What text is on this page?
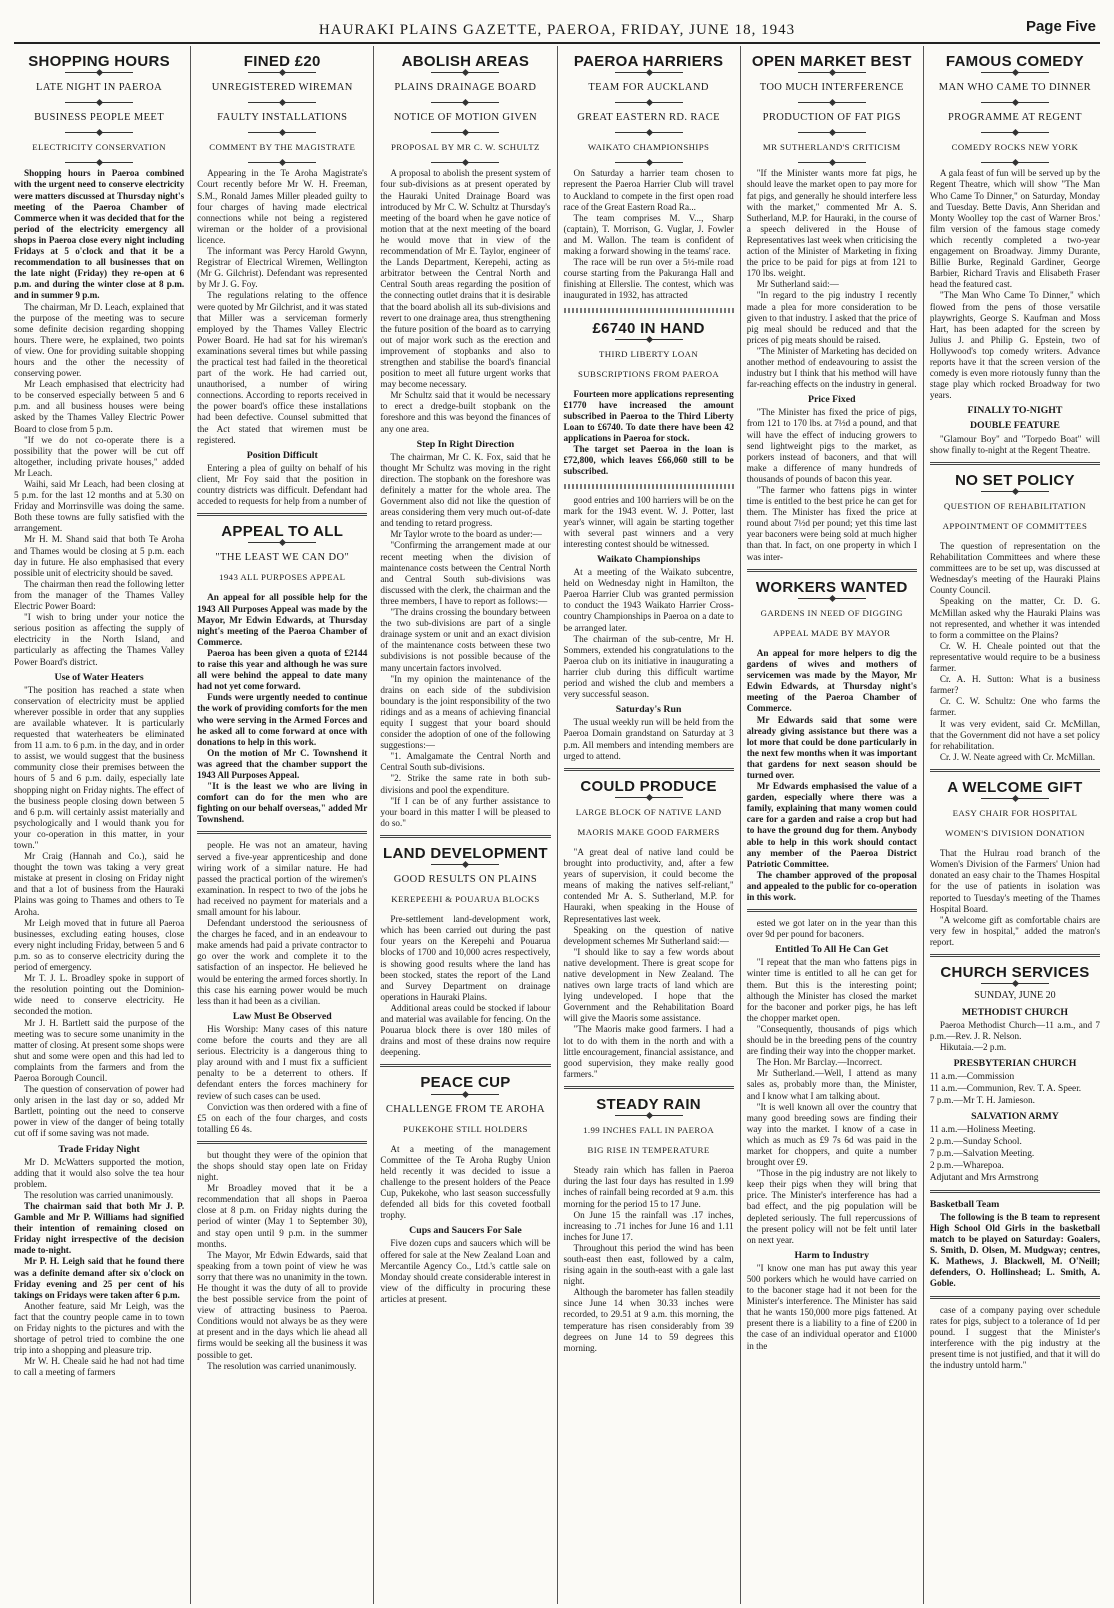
HAURAKI PLAINS GAZETTE, PAEROA, FRIDAY, JUNE 18, 1943	Page Five
SHOPPING HOURS
LATE NIGHT IN PAEROA
BUSINESS PEOPLE MEET
ELECTRICITY CONSERVATION

Shopping hours in Paeroa combined with the urgent need to conserve electricity were matters discussed at Thursday night's meeting of the Paeroa Chamber of Commerce when it was decided that for the period of the electricity emergency all shops in Paeroa close every night including Fridays at 5 o'clock and that it be a recommendation to all businesses that on the late night (Friday) they re-open at 6 p.m. and during the winter close at 8 p.m. and in summer 9 p.m.

The chairman, Mr D. Leach, explained that the purpose of the meeting was to secure some definite decision regarding shopping hours. There were, he explained, two points of view. One for providing suitable shopping hours and the other the necessity of conserving power.

Mr Leach emphasised that electricity had to be conserved especially between 5 and 6 p.m. and all business houses were being asked by the Thames Valley Electric Power Board to close from 5 p.m.

"If we do not co-operate there is a possibility that the power will be cut off altogether, including private houses," added Mr Leach.

Waihi, said Mr Leach, had been closing at 5 p.m. for the last 12 months and at 5.30 on Friday and Morrinsville was doing the same. Both these towns are fully satisfied with the arrangement.

Mr H. M. Shand said that both Te Aroha and Thames would be closing at 5 p.m. each day in future. He also emphasised that every possible unit of electricity should be saved.

The chairman then read the following letter from the manager of the Thames Valley Electric Power Board:

"I wish to bring under your notice the serious position as affecting the supply of electricity in the North Island, and particularly as affecting the Thames Valley Power Board's district.

Use of Water Heaters

"The position has reached a state when conservation of electricity must be applied wherever possible in order that any supplies are available whatever. It is particularly requested that waterheaters be eliminated from 11 a.m. to 6 p.m. in the day, and in order to assist, we would suggest that the business community close their premises between the hours of 5 and 6 p.m. daily, especially late shopping night on Friday nights. The effect of the business people closing down between 5 and 6 p.m. will certainly assist materially and psychologically and I would thank you for your co-operation in this matter, in your town."

Mr Craig (Hannah and Co.), said he thought the town was taking a very great mistake at present in closing on Friday night and that a lot of business from the Hauraki Plains was going to Thames and others to Te Aroha.

Mr Leigh moved that in future all Paeroa businesses, excluding eating houses, close every night including Friday, between 5 and 6 p.m. so as to conserve electricity during the period of emergency.

Mr T. J. L. Broadley spoke in support of the resolution pointing out the Dominion-wide need to conserve electricity. He seconded the motion.

Mr J. H. Bartlett said the purpose of the meeting was to secure some unanimity in the matter of closing. At present some shops were shut and some were open and this had led to complaints from the farmers and from the Paeroa Borough Council.

The question of conservation of power had only arisen in the last day or so, added Mr Bartlett, pointing out the need to conserve power in view of the danger of being totally cut off if some saving was not made.

Trade Friday Night

Mr D. McWatters supported the motion, adding that it would also solve the tea hour problem.

The resolution was carried unanimously.

The chairman said that both Mr J. P. Gamble and Mr P. Williams had signified their intention of remaining closed on Friday night irrespective of the decision made to-night.

Mr P. H. Leigh said that he found there was a definite demand after six o'clock on Friday evening and 25 per cent of his takings on Fridays were taken after 6 p.m.

Another feature, said Mr Leigh, was the fact that the country people came in to town on Friday nights to the pictures and with the shortage of petrol tried to combine the one trip into a shopping and pleasure trip.

Mr W. H. Cheale said he had not had time to call a meeting of farmers

FINED £20
UNREGISTERED WIREMAN
FAULTY INSTALLATIONS
COMMENT BY THE MAGISTRATE

Appearing in the Te Aroha Magistrate's Court recently before Mr W. H. Freeman, S.M., Ronald James Miller pleaded guilty to four charges of having made electrical connections while not being a registered wireman or the holder of a provisional licence.

The informant was Percy Harold Gwynn, Registrar of Electrical Wiremen, Wellington (Mr G. Gilchrist). Defendant was represented by Mr J. G. Foy.

The regulations relating to the offence were quoted by Mr Gilchrist, and it was stated that Miller was a serviceman formerly employed by the Thames Valley Electric Power Board. He had sat for his wireman's examinations several times but while passing the practical test had failed in the theoretical part of the work. He had carried out, unauthorised, a number of wiring connections. According to reports received in the power board's office these installations had been defective. Counsel submitted that the Act stated that wiremen must be registered.

Position Difficult

Entering a plea of guilty on behalf of his client, Mr Foy said that the position in country districts was difficult. Defendant had acceded to requests for help from a number of

APPEAL TO ALL
"THE LEAST WE CAN DO"
1943 ALL PURPOSES APPEAL

An appeal for all possible help for the 1943 All Purposes Appeal was made by the Mayor, Mr Edwin Edwards, at Thursday night's meeting of the Paeroa Chamber of Commerce.

Paeroa has been given a quota of £2144 to raise this year and although he was sure all were behind the appeal to date many had not yet come forward.

Funds were urgently needed to continue the work of providing comforts for the men who were serving in the Armed Forces and he asked all to come forward at once with donations to help in this work.

On the motion of Mr C. Townshend it was agreed that the chamber support the 1943 All Purposes Appeal.

"It is the least we who are living in comfort can do for the men who are fighting on our behalf overseas," added Mr Townshend.

people. He was not an amateur, having served a five-year apprenticeship and done wiring work of a similar nature. He had passed the practical portion of the wiremen's examination. In respect to two of the jobs he had received no payment for materials and a small amount for his labour.

Defendant understood the seriousness of the charges he faced, and in an endeavour to make amends had paid a private contractor to go over the work and complete it to the satisfaction of an inspector. He believed he would be entering the armed forces shortly. In this case his earning power would be much less than it had been as a civilian.

Law Must Be Observed

His Worship: Many cases of this nature come before the courts and they are all serious. Electricity is a dangerous thing to play around with and I must fix a sufficient penalty to be a deterrent to others. If defendant enters the forces machinery for review of such cases can be used.

Conviction was then ordered with a fine of £5 on each of the four charges, and costs totalling £6 4s.

but thought they were of the opinion that the shops should stay open late on Friday night.

Mr Broadley moved that it be a recommendation that all shops in Paeroa close at 8 p.m. on Friday nights during the period of winter (May 1 to September 30), and stay open until 9 p.m. in the summer months.

The Mayor, Mr Edwin Edwards, said that speaking from a town point of view he was sorry that there was no unanimity in the town. He thought it was the duty of all to provide the best possible service from the point of view of attracting business to Paeroa. Conditions would not always be as they were at present and in the days which lie ahead all firms would be seeking all the business it was possible to get.

The resolution was carried unanimously.

ABOLISH AREAS
PLAINS DRAINAGE BOARD
NOTICE OF MOTION GIVEN
PROPOSAL BY MR C. W. SCHULTZ

A proposal to abolish the present system of four sub-divisions as at present operated by the Hauraki United Drainage Board was introduced by Mr C. W. Schultz at Thursday's meeting of the board when he gave notice of motion that at the next meeting of the board he would move that in view of the recommendation of Mr E. Taylor, engineer of the Lands Department, Kerepehi, acting as arbitrator between the Central North and Central South areas regarding the position of the connecting outlet drains that it is desirable that the board abolish all its sub-divisions and revert to one drainage area, thus strengthening the future position of the board as to carrying out of major work such as the erection and improvement of stopbanks and also to strengthen and stabilise the board's financial position to meet all future urgent works that may become necessary.

Mr Schultz said that it would be necessary to erect a dredge-built stopbank on the foreshore and this was beyond the finances of any one area.

Step In Right Direction

The chairman, Mr C. K. Fox, said that he thought Mr Schultz was moving in the right direction. The stopbank on the foreshore was definitely a matter for the whole area. The Government also did not like the question of areas considering them very much out-of-date and tending to retard progress.

Mr Taylor wrote to the board as under:—

"Confirming the arrangement made at our recent meeting when the division of maintenance costs between the Central North and Central South sub-divisions was discussed with the clerk, the chairman and the three members, I have to report as follows:—

"The drains crossing the boundary between the two sub-divisions are part of a single drainage system or unit and an exact division of the maintenance costs between these two subdivisions is not possible because of the many uncertain factors involved.

"In my opinion the maintenance of the drains on each side of the subdivision boundary is the joint responsibility of the two ridings and as a means of achieving financial equity I suggest that your board should consider the adoption of one of the following suggestions:—

"1. Amalgamate the Central North and Central South sub-divisions.

"2. Strike the same rate in both sub-divisions and pool the expenditure.

"If I can be of any further assistance to your board in this matter I will be pleased to do so."

LAND DEVELOPMENT
GOOD RESULTS ON PLAINS
KEREPEEHI & POUARUA BLOCKS

Pre-settlement land-development work, which has been carried out during the past four years on the Kerepehi and Pouarua blocks of 1700 and 10,000 acres respectively, is showing good results where the land has been stocked, states the report of the Land and Survey Department on drainage operations in Hauraki Plains.

Additional areas could be stocked if labour and material was available for fencing. On the Pouarua block there is over 180 miles of drains and most of these drains now require deepening.

PEACE CUP
CHALLENGE FROM TE AROHA
PUKEKOHE STILL HOLDERS

At a meeting of the management Committee of the Te Aroha Rugby Union held recently it was decided to issue a challenge to the present holders of the Peace Cup, Pukekohe, who last season successfully defended all bids for this coveted football trophy.

Cups and Saucers For Sale

Five dozen cups and saucers which will be offered for sale at the New Zealand Loan and Mercantile Agency Co., Ltd.'s cattle sale on Monday should create considerable interest in view of the difficulty in procuring these articles at present.

PAEROA HARRIERS
TEAM FOR AUCKLAND
GREAT EASTERN RD. RACE
WAIKATO CHAMPIONSHIPS

On Saturday a harrier team chosen to represent the Paeroa Harrier Club will travel to Auckland to compete in the first open road race of the Great Eastern Road Ra...

The team comprises M. V..., Sharp (captain), T. Morrison, G. Vuglar, J. Fowler and M. Wallon. The team is confident of making a forward showing in the teams' race.

The race will be run over a 5½-mile road course starting from the Pakuranga Hall and finishing at Ellerslie. The contest, which was inaugurated in 1932, has attracted

£6740 IN HAND
THIRD LIBERTY LOAN
SUBSCRIPTIONS FROM PAEROA

Fourteen more applications representing £1770 have increased the amount subscribed in Paeroa to the Third Liberty Loan to £6740. To date there have been 42 applications in Paeroa for stock.

The target set Paeroa in the loan is £72,800, which leaves £66,060 still to be subscribed.

good entries and 100 harriers will be on the mark for the 1943 event. W. J. Potter, last year's winner, will again be starting together with several past winners and a very interesting contest should be witnessed.

Waikato Championships

At a meeting of the Waikato subcentre, held on Wednesday night in Hamilton, the Paeroa Harrier Club was granted permission to conduct the 1943 Waikato Harrier Cross-country Championships in Paeroa on a date to be arranged later.

The chairman of the sub-centre, Mr H. Sommers, extended his congratulations to the Paeroa club on its initiative in inaugurating a harrier club during this difficult wartime period and wished the club and members a very successful season.

Saturday's Run

The usual weekly run will be held from the Paeroa Domain grandstand on Saturday at 3 p.m. All members and intending members are urged to attend.

COULD PRODUCE
LARGE BLOCK OF NATIVE LAND
MAORIS MAKE GOOD FARMERS

"A great deal of native land could be brought into productivity, and, after a few years of supervision, it could become the means of making the natives self-reliant," contended Mr A. S. Sutherland, M.P. for Hauraki, when speaking in the House of Representatives last week.

Speaking on the question of native development schemes Mr Sutherland said:—

"I should like to say a few words about native development. There is great scope for native development in New Zealand. The natives own large tracts of land which are lying undeveloped. I hope that the Government and the Rehabilitation Board will give the Maoris some assistance.

"The Maoris make good farmers. I had a lot to do with them in the north and with a little encouragement, financial assistance, and good supervision, they make really good farmers."

STEADY RAIN
1.99 INCHES FALL IN PAEROA
BIG RISE IN TEMPERATURE

Steady rain which has fallen in Paeroa during the last four days has resulted in 1.99 inches of rainfall being recorded at 9 a.m. this morning for the period 15 to 17 June.

On June 15 the rainfall was .17 inches, increasing to .71 inches for June 16 and 1.11 inches for June 17.

Throughout this period the wind has been south-east then east, followed by a calm, rising again in the south-east with a gale last night.

Although the barometer has fallen steadily since June 14 when 30.33 inches were recorded, to 29.51 at 9 a.m. this morning, the temperature has risen considerably from 39 degrees on June 14 to 59 degrees this morning.

OPEN MARKET BEST
TOO MUCH INTERFERENCE
PRODUCTION OF FAT PIGS
MR SUTHERLAND'S CRITICISM

"If the Minister wants more fat pigs, he should leave the market open to pay more for fat pigs, and generally he should interfere less with the market," commented Mr A. S. Sutherland, M.P. for Hauraki, in the course of a speech delivered in the House of Representatives last week when criticising the action of the Minister of Marketing in fixing the price to be paid for pigs at from 121 to 170 lbs. weight.

Mr Sutherland said:—

"In regard to the pig industry I recently made a plea for more consideration to be given to that industry. I asked that the price of pig meal should be reduced and that the prices of pig meats should be raised.

"The Minister of Marketing has decided on another method of endeavouring to assist the industry but I think that his method will have far-reaching effects on the industry in general.

Price Fixed

"The Minister has fixed the price of pigs, from 121 to 170 lbs. at 7½d a pound, and that will have the effect of inducing growers to send lightweight pigs to the market, as porkers instead of baconers, and that will make a difference of many hundreds of thousands of pounds of bacon this year.

"The farmer who fattens pigs in winter time is entitled to the best price he can get for them. The Minister has fixed the price at round about 7½d per pound; yet this time last year baconers were being sold at much higher than that. In fact, on one property in which I was inter-

WORKERS WANTED
GARDENS IN NEED OF DIGGING
APPEAL MADE BY MAYOR

An appeal for more helpers to dig the gardens of wives and mothers of servicemen was made by the Mayor, Mr Edwin Edwards, at Thursday night's meeting of the Paeroa Chamber of Commerce.

Mr Edwards said that some were already giving assistance but there was a lot more that could be done particularly in the next few months when it was important that gardens for next season should be turned over.

Mr Edwards emphasised the value of a garden, especially where there was a family, explaining that many women could care for a garden and raise a crop but had to have the ground dug for them. Anybody able to help in this work should contact any member of the Paeroa District Patriotic Committee.

The chamber approved of the proposal and appealed to the public for co-operation in this work.

ested we got later on in the year than this over 9d per pound for baconers.

Entitled To All He Can Get

"I repeat that the man who fattens pigs in winter time is entitled to all he can get for them. But this is the interesting point; although the Minister has closed the market for the baconer and porker pigs, he has left the chopper market open.

"Consequently, thousands of pigs which should be in the breeding pens of the country are finding their way into the chopper market.

The Hon. Mr Barclay.—Incorrect.

Mr Sutherland.—Well, I attend as many sales as, probably more than, the Minister, and I know what I am talking about.

"It is well known all over the country that many good breeding sows are finding their way into the market. I know of a case in which as much as £9 7s 6d was paid in the market for choppers, and quite a number brought over £9.

"Those in the pig industry are not likely to keep their pigs when they will bring that price. The Minister's interference has had a bad effect, and the pig population will be depleted seriously. The full repercussions of the present policy will not be felt until later on next year.

Harm to Industry

"I know one man has put away this year 500 porkers which he would have carried on to the baconer stage had it not been for the Minister's interference. The Minister has said that he wants 150,000 more pigs fattened. At present there is a liability to a fine of £200 in the case of an individual operator and £1000 in the

FAMOUS COMEDY
MAN WHO CAME TO DINNER
PROGRAMME AT REGENT
COMEDY ROCKS NEW YORK

A gala feast of fun will be served up by the Regent Theatre, which will show "The Man Who Came To Dinner," on Saturday, Monday and Tuesday. Bette Davis, Ann Sheridan and Monty Woolley top the cast of Warner Bros.' film version of the famous stage comedy which recently completed a two-year engagement on Broadway. Jimmy Durante, Billie Burke, Reginald Gardiner, George Barbier, Richard Travis and Elisabeth Fraser head the featured cast.

"The Man Who Came To Dinner," which flowed from the pens of those versatile playwrights, George S. Kaufman and Moss Hart, has been adapted for the screen by Julius J. and Philip G. Epstein, two of Hollywood's top comedy writers. Advance reports have it that the screen version of the comedy is even more riotously funny than the stage play which rocked Broadway for two years.

FINALLY TO-NIGHT
DOUBLE FEATURE

"Glamour Boy" and "Torpedo Boat" will show finally to-night at the Regent Theatre.

NO SET POLICY
QUESTION OF REHABILITATION
APPOINTMENT OF COMMITTEES

The question of representation on the Rehabilitation Committees and where these committees are to be set up, was discussed at Wednesday's meeting of the Hauraki Plains County Council.

Speaking on the matter, Cr. D. G. McMillan asked why the Hauraki Plains was not represented, and whether it was intended to form a committee on the Plains?

Cr. W. H. Cheale pointed out that the representative would require to be a business farmer.

Cr. A. H. Sutton: What is a business farmer?

Cr. C. W. Schultz: One who farms the farmer.

It was very evident, said Cr. McMillan, that the Government did not have a set policy for rehabilitation.

Cr. J. W. Neate agreed with Cr. McMillan.

A WELCOME GIFT
EASY CHAIR FOR HOSPITAL
WOMEN'S DIVISION DONATION

That the Hulrau road branch of the Women's Division of the Farmers' Union had donated an easy chair to the Thames Hospital for the use of patients in isolation was reported to Tuesday's meeting of the Thames Hospital Board.

"A welcome gift as comfortable chairs are very few in hospital," added the matron's report.

CHURCH SERVICES
SUNDAY, JUNE 20
METHODIST CHURCH

Paeroa Methodist Church—11 a.m., and 7 p.m.—Rev. J. R. Nelson.

Hikutaia.—2 p.m.

PRESBYTERIAN CHURCH
11 a.m.—Commission
11 a.m.—Communion, Rev. T. A. Speer.
7 p.m.—Mr T. H. Jamieson.
SALVATION ARMY
11 a.m.—Holiness Meeting.
2 p.m.—Sunday School.
7 p.m.—Salvation Meeting.
2 p.m.—Wharepoa.
Adjutant and Mrs Armstrong
Basketball Team

The following is the B team to represent High School Old Girls in the basketball match to be played on Saturday: Goalers, S. Smith, D. Olsen, M. Mudgway; centres, K. Mathews, J. Blackwell, M. O'Neill; defenders, O. Hollinshead; L. Smith, A. Goble.

case of a company paying over schedule rates for pigs, subject to a tolerance of 1d per pound. I suggest that the Minister's interference with the pig industry at the present time is not justified, and that it will do the industry untold harm."
